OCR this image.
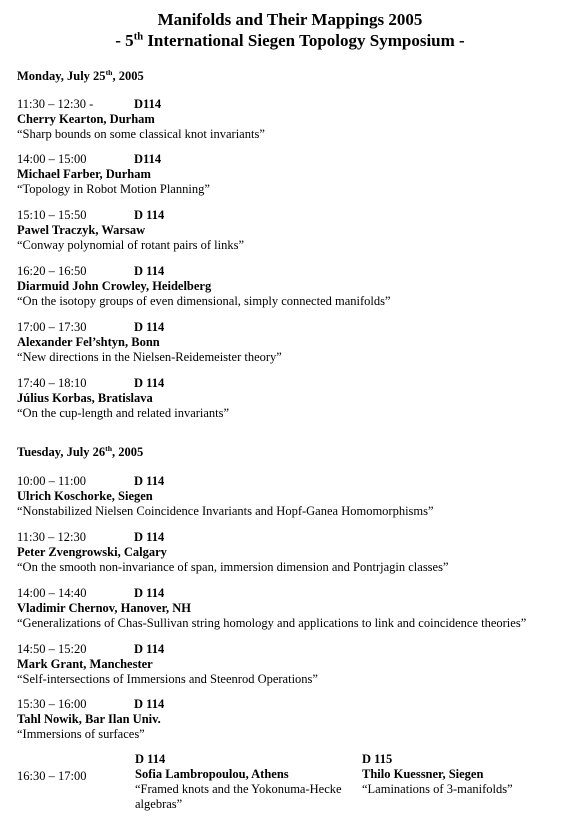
Manifolds and Their Mappings 2005
- 5th International Siegen Topology Symposium -
Monday, July 25th, 2005
11:30 – 12:30 -	D114
Cherry Kearton, Durham
“Sharp bounds on some classical knot invariants”
14:00 – 15:00	D114
Michael Farber, Durham
“Topology in Robot Motion Planning”
15:10 – 15:50	D 114
Pawel Traczyk, Warsaw
“Conway polynomial of rotant pairs of links”
16:20 – 16:50	D 114
Diarmuid John Crowley, Heidelberg
“On the isotopy groups of even dimensional, simply connected manifolds”
17:00 – 17:30	D 114
Alexander Fel’shtyn, Bonn
“New directions in the Nielsen-Reidemeister theory”
17:40 – 18:10	D 114
Július Korbas, Bratislava
“On the cup-length and related invariants”
Tuesday, July 26th, 2005
10:00 – 11:00	D 114
Ulrich Koschorke, Siegen
“Nonstabilized Nielsen Coincidence Invariants and Hopf-Ganea Homomorphisms”
11:30 – 12:30	D 114
Peter Zvengrowski, Calgary
“On the smooth non-invariance of span, immersion dimension and Pontrjagin classes”
14:00 – 14:40	D 114
Vladimir Chernov, Hanover, NH
“Generalizations of Chas-Sullivan string homology and applications to link and coincidence theories”
14:50 – 15:20	D 114
Mark Grant, Manchester
“Self-intersections of Immersions and Steenrod Operations”
15:30 – 16:00	D 114
Tahl Nowik, Bar Ilan Univ.
“Immersions of surfaces”
16:30 – 17:00
D 114
Sofia Lambropoulou, Athens
“Framed knots and the Yokonuma-Hecke algebras”
D 115
Thilo Kuessner, Siegen
“Laminations of 3-manifolds”
